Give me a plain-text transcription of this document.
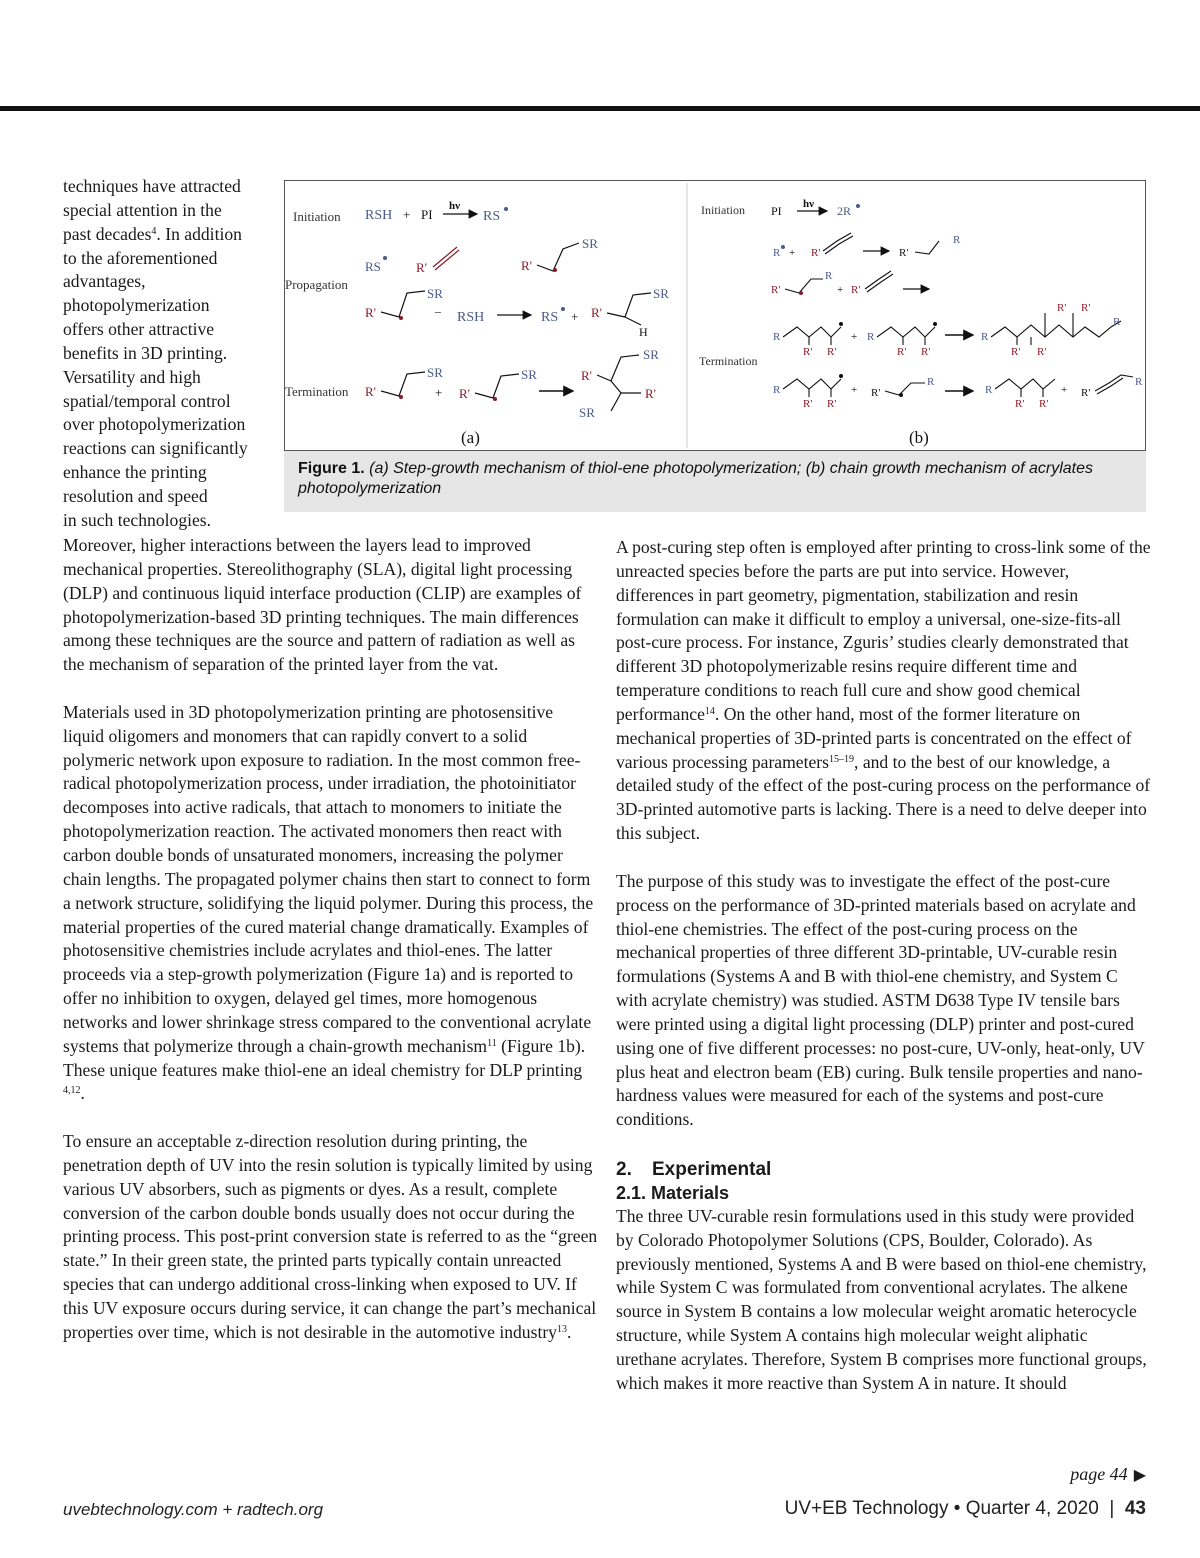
techniques have attracted

special attention in the

past decades$^4$. In addition

to the aforementioned

advantages,

photopolymerization

offers other attractive

benefits in 3D printing.

Versatility and high

spatial/temporal control

over photopolymerization

reactions can significantly

enhance the printing

resolution and speed

in such technologies.

Initiation RSH + PI
hν
RS
Propagation
RS	R'	R'
SR
R'
SR
– RSH	RS + R'
H
SR
Termination R'
SR
+ R'
SR	R'
SR
R'
SR
(a)
Initiation PI hν 2R
R + R'	R'
R
R'
R
+ R'
R
R' R'
+ R
R' R'
R
R' R'
R' R'
R
Termination
R
R' R'
+ R'
R
R
R' R'
+ R'
R
(b)
Figure 1. (a) Step-growth mechanism of thiol-ene photopolymerization; (b) chain growth mechanism of acrylates photopolymerization

Moreover, higher interactions between the layers lead to improved mechanical properties. Stereolithography (SLA), digital light processing (DLP) and continuous liquid interface production (CLIP) are examples of photopolymerization-based 3D printing techniques. The main differences among these techniques are the source and pattern of radiation as well as the mechanism of separation of the printed layer from the vat.

Materials used in 3D photopolymerization printing are photosensitive liquid oligomers and monomers that can rapidly convert to a solid polymeric network upon exposure to radiation. In the most common free-radical photopolymerization process, under irradiation, the photoinitiator decomposes into active radicals, that attach to monomers to initiate the photopolymerization reaction. The activated monomers then react with carbon double bonds of unsaturated monomers, increasing the polymer chain lengths. The propagated polymer chains then start to connect to form a network structure, solidifying the liquid polymer. During this process, the material properties of the cured material change dramatically. Examples of photosensitive chemistries include acrylates and thiol-enes. The latter proceeds via a step-growth polymerization (Figure 1a) and is reported to offer no inhibition to oxygen, delayed gel times, more homogenous networks and lower shrinkage stress compared to the conventional acrylate systems that polymerize through a chain-growth mechanism$^{11}$ (Figure 1b). These unique features make thiol-ene an ideal chemistry for DLP printing $^{4,12}$.

To ensure an acceptable z-direction resolution during printing, the penetration depth of UV into the resin solution is typically limited by using various UV absorbers, such as pigments or dyes. As a result, complete conversion of the carbon double bonds usually does not occur during the printing process. This post-print conversion state is referred to as the “green state.” In their green state, the printed parts typically contain unreacted species that can undergo additional cross-linking when exposed to UV. If this UV exposure occurs during service, it can change the part’s mechanical properties over time, which is not desirable in the automotive industry$^{13}$.

A post-curing step often is employed after printing to cross-link some of the unreacted species before the parts are put into service. However, differences in part geometry, pigmentation, stabilization and resin formulation can make it difficult to employ a universal, one-size-fits-all post-cure process. For instance, Zguris’ studies clearly demonstrated that different 3D photopolymerizable resins require different time and temperature conditions to reach full cure and show good chemical performance$^{14}$. On the other hand, most of the former literature on mechanical properties of 3D-printed parts is concentrated on the effect of various processing parameters$^{15-19}$, and to the best of our knowledge, a detailed study of the effect of the post-curing process on the performance of 3D-printed automotive parts is lacking. There is a need to delve deeper into this subject.

The purpose of this study was to investigate the effect of the post-cure process on the performance of 3D-printed materials based on acrylate and thiol-ene chemistries. The effect of the post-curing process on the mechanical properties of three different 3D-printable, UV-curable resin formulations (Systems A and B with thiol-ene chemistry, and System C with acrylate chemistry) was studied. ASTM D638 Type IV tensile bars were printed using a digital light processing (DLP) printer and post-cured using one of five different processes: no post-cure, UV-only, heat-only, UV plus heat and electron beam (EB) curing. Bulk tensile properties and nano-hardness values were measured for each of the systems and post-cure conditions.

2. Experimental
2.1. Materials

The three UV-curable resin formulations used in this study were provided by Colorado Photopolymer Solutions (CPS, Boulder, Colorado). As previously mentioned, Systems A and B were based on thiol-ene chemistry, while System C was formulated from conventional acrylates. The alkene source in System B contains a low molecular weight aromatic heterocycle structure, while System A contains high molecular weight aliphatic urethane acrylates. Therefore, System B comprises more functional groups, which makes it more reactive than System A in nature. It should

page 44 ▶
uvebtechnology.com + radtech.org	UV+EB Technology • Quarter 4, 2020 | 43
